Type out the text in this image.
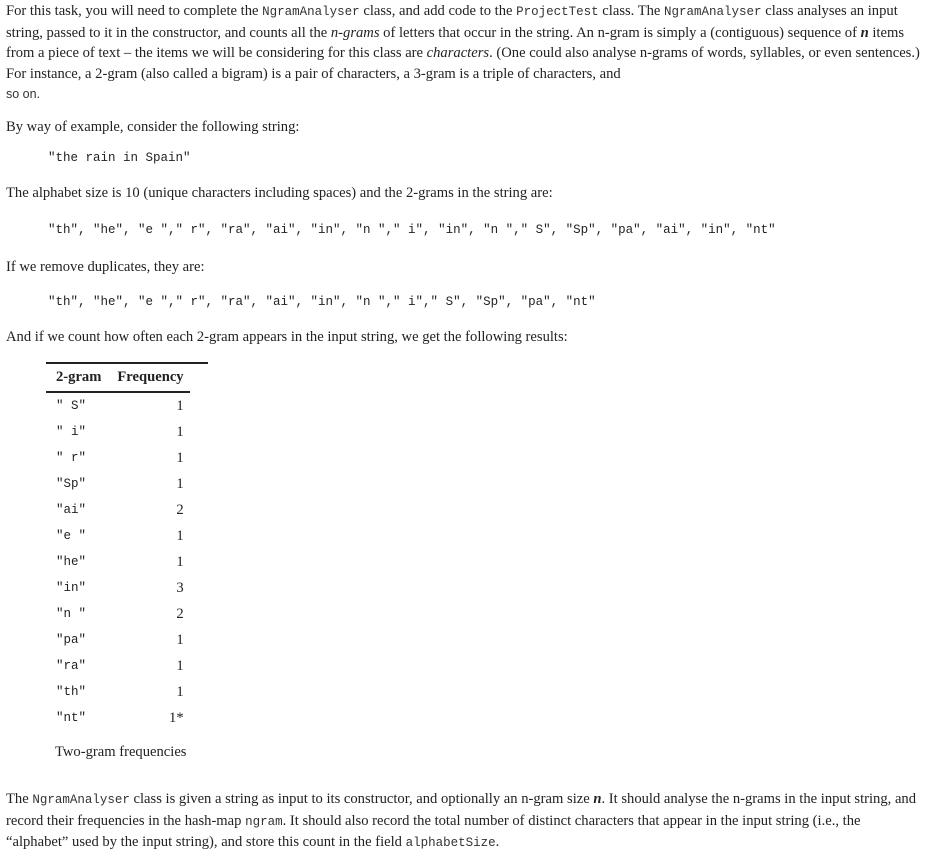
For this task, you will need to complete the NgramAnalyser class, and add code to the ProjectTest class. The NgramAnalyser class analyses an input string, passed to it in the constructor, and counts all the n-grams of letters that occur in the string. An n-gram is simply a (contiguous) sequence of n items from a piece of text – the items we will be considering for this class are characters. (One could also analyse n-grams of words, syllables, or even sentences.) For instance, a 2-gram (also called a bigram) is a pair of characters, a 3-gram is a triple of characters, and
so on.

By way of example, consider the following string:

"the rain in Spain"

The alphabet size is 10 (unique characters including spaces) and the 2-grams in the string are:

"th", "he", "e "," r", "ra", "ai", "in", "n "," i", "in", "n "," S", "Sp", "pa", "ai", "in", "nt"

If we remove duplicates, they are:

"th", "he", "e "," r", "ra", "ai", "in", "n "," i"," S", "Sp", "pa", "nt"

And if we count how often each 2-gram appears in the input string, we get the following results:

2-gram	Frequency
" S"	1
" i"	1
" r"	1
"Sp"	1
"ai"	2
"e "	1
"he"	1
"in"	3
"n "	2
"pa"	1
"ra"	1
"th"	1
"nt"	1*
Two-gram frequencies

The NgramAnalyser class is given a string as input to its constructor, and optionally an n-gram size n. It should analyse the n-grams in the input string, and record their frequencies in the hash-map ngram. It should also record the total number of distinct characters that appear in the input string (i.e., the “alphabet” used by the input string), and store this count in the field alphabetSize.
